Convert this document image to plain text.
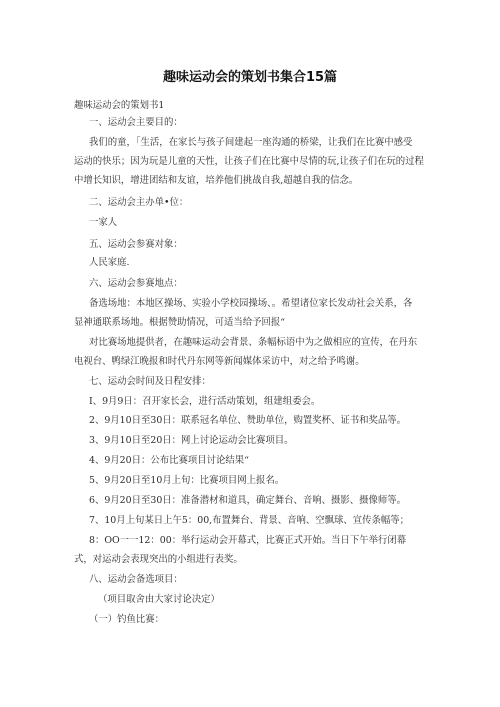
趣味运动会的策划书集合15篇
趣味运动会的策划书1
一、运动会主要目的：
我们的童，「生活，在家长与孩子间建起一座沟通的桥梁，让我们在比赛中感受
运动的快乐；因为玩是儿童的天性，让孩子们在比赛中尽情的玩,让孩子们在玩的过程
中增长知识，增进团结和友谊，培养他们挑战自我,超越自我的信念。
二、运动会主办单•位：
一家人
五、运动会参赛对象：
人民家庭.
六、运动会参赛地点：
备选场地：本地区操场、实验小学校园操场、。希望诸位家长发动社会关系，各
显神通联系场地。根据赞助情况，可适当给予回报“
对比赛场地提供者，在趣味运动会背景、条幅标语中为之做相应的宣传，在丹东
电视台、鸭绿江晚报和时代丹东网等新闻媒体采访中，对之给予鸣谢。
七、运动会时间及日程安排：
I、9月9日：召开家长会，进行活动策划，组建组委会。
2、9月10日至30日：联系冠名单位、赞助单位，购置奖杯、证书和奖品等。
3、9月10日至20日：网上讨论运动会比赛项目。
4、9月20日：公布比赛项目讨论结果“
5、9月20日至10月上旬：比赛项目网上报名。
6、9月20日至30日：准备潜材和道具，确定舞台、音响、摄影、摄像师等。
7、10月上旬某日上午5：00,布置舞台、背景、音响、空飘球、宣传条幅等；
8：OO一一12：00：举行运动会开幕式，比赛正式开始。当日下午举行闭幕
式，对运动会表现突出的小组进行表奖。
八、运动会备选项目：
（项目取舍由大家讨论决定）
（一）钓鱼比赛：
